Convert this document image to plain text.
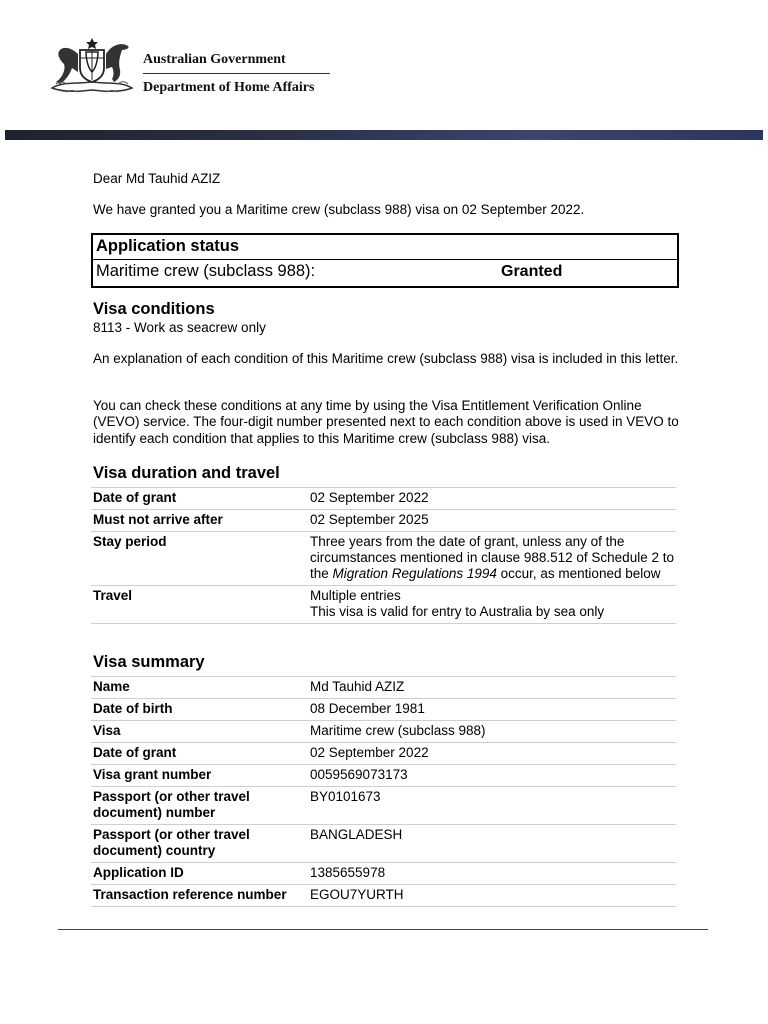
Australian Government
Department of Home Affairs
Dear Md Tauhid AZIZ
We have granted you a Maritime crew (subclass 988) visa on 02 September 2022.
Application status
Maritime crew (subclass 988):	Granted
Visa conditions
8113 - Work as seacrew only
An explanation of each condition of this Maritime crew (subclass 988) visa is included in this letter.
You can check these conditions at any time by using the Visa Entitlement Verification Online (VEVO) service. The four-digit number presented next to each condition above is used in VEVO to identify each condition that applies to this Maritime crew (subclass 988) visa.
Visa duration and travel
Date of grant	02 September 2022
Must not arrive after	02 September 2025
Stay period	Three years from the date of grant, unless any of the circumstances mentioned in clause 988.512 of Schedule 2 to the Migration Regulations 1994 occur, as mentioned below
Travel	Multiple entries
This visa is valid for entry to Australia by sea only
Visa summary
Name	Md Tauhid AZIZ
Date of birth	08 December 1981
Visa	Maritime crew (subclass 988)
Date of grant	02 September 2022
Visa grant number	0059569073173
Passport (or other travel document) number	BY0101673
Passport (or other travel document) country	BANGLADESH
Application ID	1385655978
Transaction reference number	EGOU7YURTH
